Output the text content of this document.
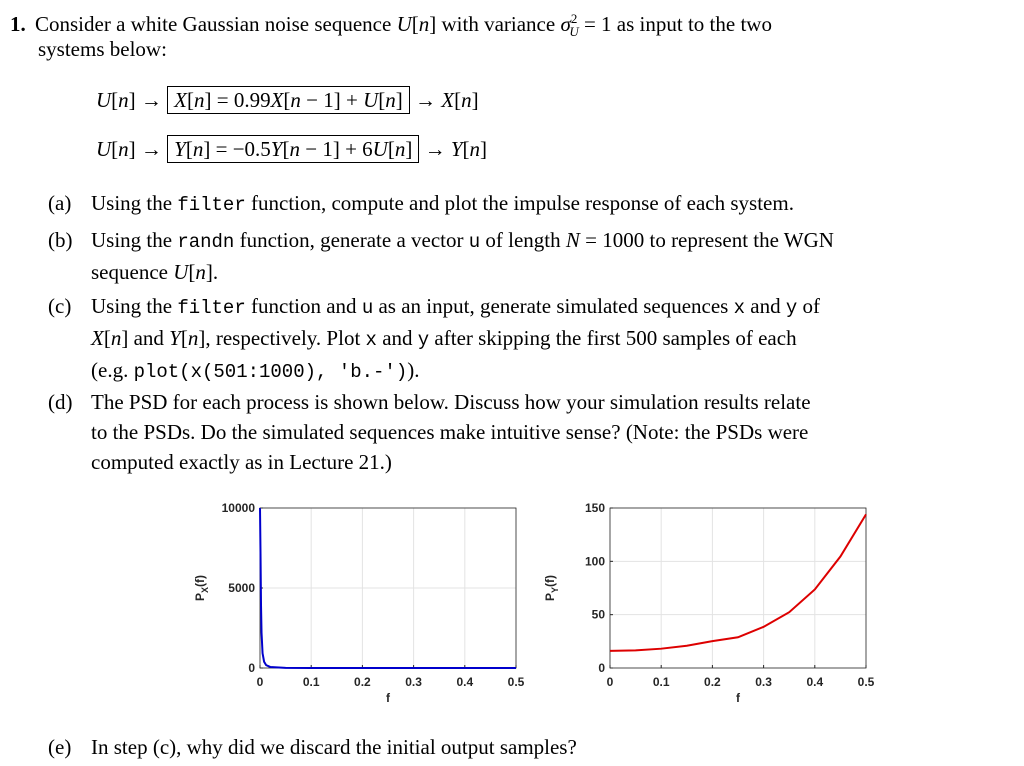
1. Consider a white Gaussian noise sequence U[n] with variance $\sigma^2_U = 1$ as input to the two
systems below:
U[n] → X[n] = 0.99X[n − 1] + U[n] → X[n]
U[n] → Y[n] = −0.5Y[n − 1] + 6U[n] → Y[n]
(a) Using the filter function, compute and plot the impulse response of each system.
(b) Using the randn function, generate a vector u of length N = 1000 to represent the WGN
sequence U[n].
(c) Using the filter function and u as an input, generate simulated sequences x and y of
X[n] and Y[n], respectively. Plot x and y after skipping the first 500 samples of each
(e.g. plot(x(501:1000), 'b.-')).
(d) The PSD for each process is shown below. Discuss how your simulation results relate
to the PSDs. Do the simulated sequences make intuitive sense? (Note: the PSDs were
computed exactly as in Lecture 21.)
0	0.1	0.2	0.3	0.4	0.5
0
5000
10000
f
$P_X(f)$
0	0.1	0.2	0.3	0.4	0.5
0
50
100
150
f
$P_Y(f)$
(e) In step (c), why did we discard the initial output samples?
